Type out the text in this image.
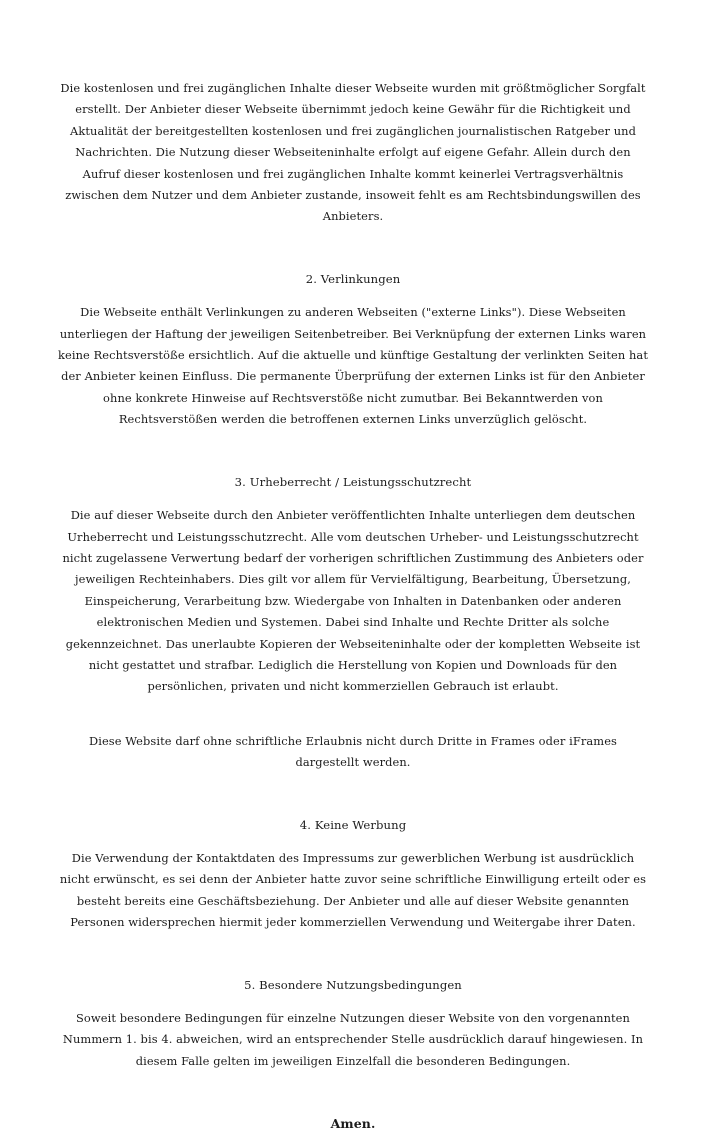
Die kostenlosen und frei zugänglichen Inhalte dieser Webseite wurden mit größtmöglicher Sorgfalt erstellt. Der Anbieter dieser Webseite übernimmt jedoch keine Gewähr für die Richtigkeit und Aktualität der bereitgestellten kostenlosen und frei zugänglichen journalistischen Ratgeber und Nachrichten. Die Nutzung dieser Webseiteninhalte erfolgt auf eigene Gefahr. Allein durch den Aufruf dieser kostenlosen und frei zugänglichen Inhalte kommt keinerlei Vertragsverhältnis zwischen dem Nutzer und dem Anbieter zustande, insoweit fehlt es am Rechtsbindungswillen des Anbieters.

2. Verlinkungen

Die Webseite enthält Verlinkungen zu anderen Webseiten ("externe Links"). Diese Webseiten unterliegen der Haftung der jeweiligen Seitenbetreiber. Bei Verknüpfung der externen Links waren keine Rechtsverstöße ersichtlich. Auf die aktuelle und künftige Gestaltung der verlinkten Seiten hat der Anbieter keinen Einfluss. Die permanente Überprüfung der externen Links ist für den Anbieter ohne konkrete Hinweise auf Rechtsverstöße nicht zumutbar. Bei Bekanntwerden von Rechtsverstößen werden die betroffenen externen Links unverzüglich gelöscht.

3. Urheberrecht / Leistungsschutzrecht

Die auf dieser Webseite durch den Anbieter veröffentlichten Inhalte unterliegen dem deutschen Urheberrecht und Leistungsschutzrecht. Alle vom deutschen Urheber- und Leistungsschutzrecht nicht zugelassene Verwertung bedarf der vorherigen schriftlichen Zustimmung des Anbieters oder jeweiligen Rechteinhabers. Dies gilt vor allem für Vervielfältigung, Bearbeitung, Übersetzung, Einspeicherung, Verarbeitung bzw. Wiedergabe von Inhalten in Datenbanken oder anderen elektronischen Medien und Systemen. Dabei sind Inhalte und Rechte Dritter als solche gekennzeichnet. Das unerlaubte Kopieren der Webseiteninhalte oder der kompletten Webseite ist nicht gestattet und strafbar. Lediglich die Herstellung von Kopien und Downloads für den persönlichen, privaten und nicht kommerziellen Gebrauch ist erlaubt.

Diese Website darf ohne schriftliche Erlaubnis nicht durch Dritte in Frames oder iFrames dargestellt werden.

4. Keine Werbung

Die Verwendung der Kontaktdaten des Impressums zur gewerblichen Werbung ist ausdrücklich nicht erwünscht, es sei denn der Anbieter hatte zuvor seine schriftliche Einwilligung erteilt oder es besteht bereits eine Geschäftsbeziehung. Der Anbieter und alle auf dieser Website genannten Personen widersprechen hiermit jeder kommerziellen Verwendung und Weitergabe ihrer Daten.

5. Besondere Nutzungsbedingungen

Soweit besondere Bedingungen für einzelne Nutzungen dieser Website von den vorgenannten Nummern 1. bis 4. abweichen, wird an entsprechender Stelle ausdrücklich darauf hingewiesen. In diesem Falle gelten im jeweiligen Einzelfall die besonderen Bedingungen.

Amen.
